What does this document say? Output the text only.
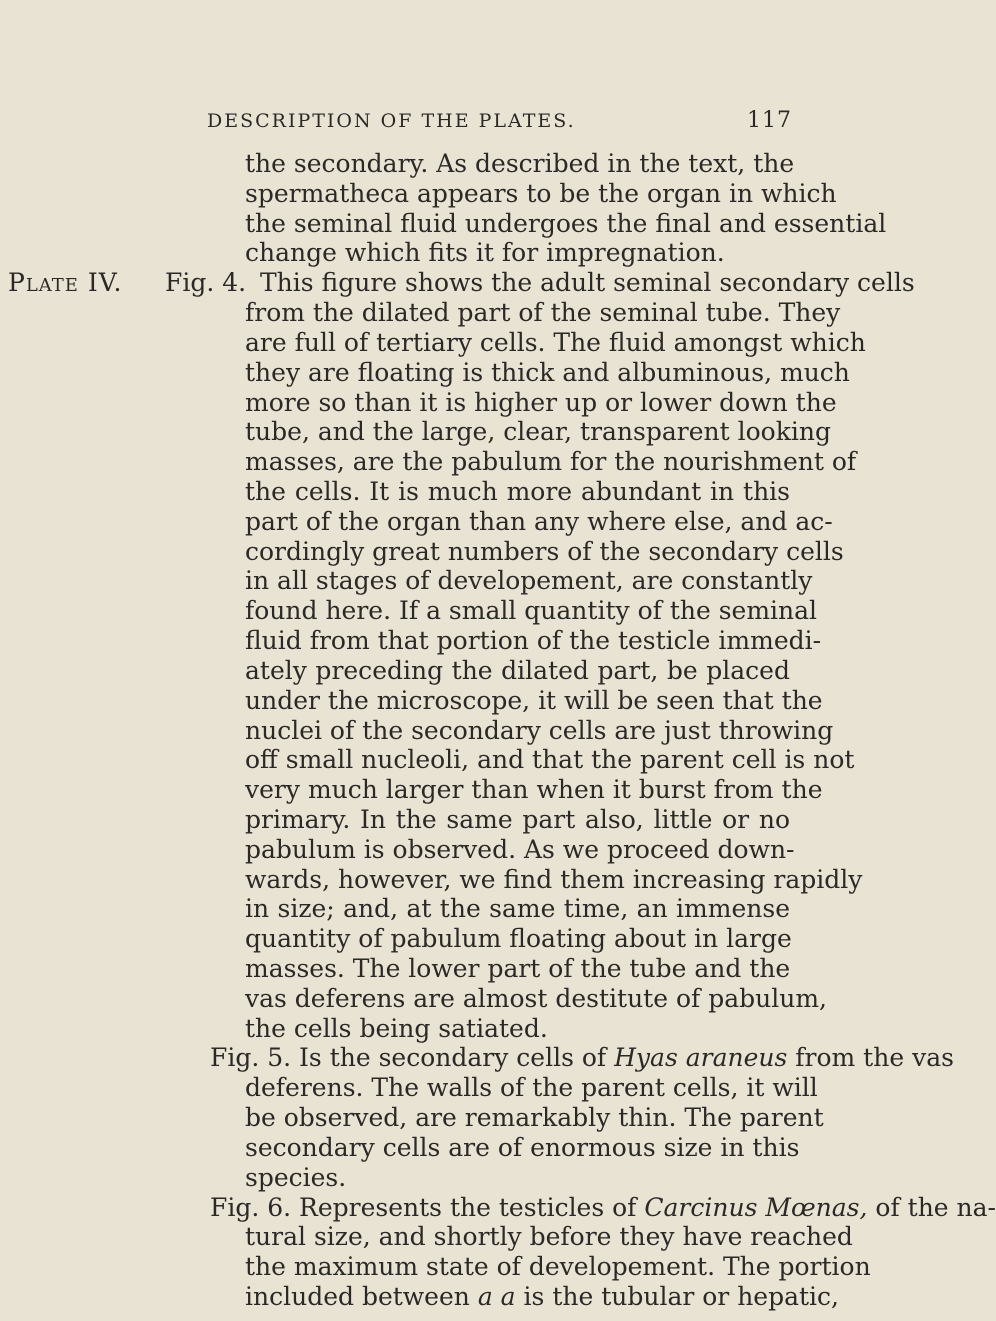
DESCRIPTION OF THE PLATES.	117
the secondary. As described in the text, the
spermatheca appears to be the organ in which
the seminal fluid undergoes the final and essential
change which fits it for impregnation.
Plate IV. Fig. 4. This figure shows the adult seminal secondary cells
from the dilated part of the seminal tube. They
are full of tertiary cells. The fluid amongst which
they are floating is thick and albuminous, much
more so than it is higher up or lower down the
tube, and the large, clear, transparent looking
masses, are the pabulum for the nourishment of
the cells. It is much more abundant in this
part of the organ than any where else, and ac-
cordingly great numbers of the secondary cells
in all stages of developement, are constantly
found here. If a small quantity of the seminal
fluid from that portion of the testicle immedi-
ately preceding the dilated part, be placed
under the microscope, it will be seen that the
nuclei of the secondary cells are just throwing
off small nucleoli, and that the parent cell is not
very much larger than when it burst from the
primary. In the same part also, little or no
pabulum is observed. As we proceed down-
wards, however, we find them increasing rapidly
in size; and, at the same time, an immense
quantity of pabulum floating about in large
masses. The lower part of the tube and the
vas deferens are almost destitute of pabulum,
the cells being satiated.
Fig. 5. Is the secondary cells of Hyas araneus from the vas
deferens. The walls of the parent cells, it will
be observed, are remarkably thin. The parent
secondary cells are of enormous size in this
species.
Fig. 6. Represents the testicles of Carcinus Mœnas, of the na-
tural size, and shortly before they have reached
the maximum state of developement. The portion
included between a a is the tubular or hepatic,
